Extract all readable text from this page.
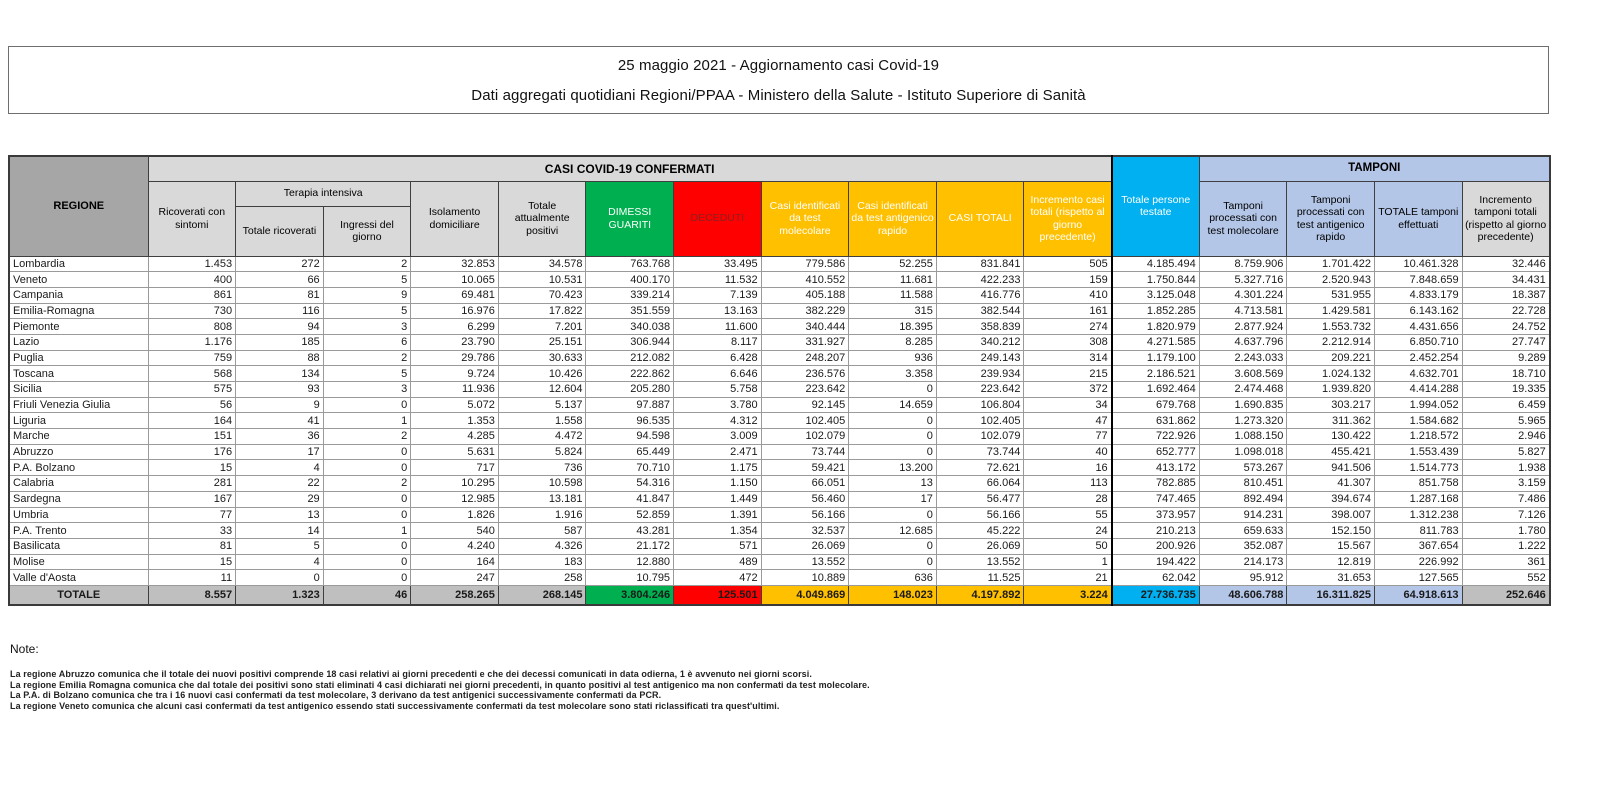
25 maggio 2021 - Aggiornamento casi Covid-19
Dati aggregati quotidiani Regioni/PPAA - Ministero della Salute - Istituto Superiore di Sanità
REGIONE	CASI COVID-19 CONFERMATI											Totale persone testate	TAMPONI			
	Ricoverati con sintomi	Terapia intensiva		Isolamento domiciliare	Totale attualmente positivi	DIMESSI GUARITI	DECEDUTI	Casi identificati da test molecolare	Casi identificati da test antigenico rapido	CASI TOTALI	Incremento casi totali (rispetto al giorno precedente)		Tamponi processati con test molecolare	Tamponi processati con test antigenico rapido	TOTALE tamponi effettuati	Incremento tamponi totali (rispetto al giorno precedente)
		Totale ricoverati	Ingressi del giorno													
Lombardia	1.453	272	2	32.853	34.578	763.768	33.495	779.586	52.255	831.841	505	4.185.494	8.759.906	1.701.422	10.461.328	32.446
Veneto	400	66	5	10.065	10.531	400.170	11.532	410.552	11.681	422.233	159	1.750.844	5.327.716	2.520.943	7.848.659	34.431
Campania	861	81	9	69.481	70.423	339.214	7.139	405.188	11.588	416.776	410	3.125.048	4.301.224	531.955	4.833.179	18.387
Emilia-Romagna	730	116	5	16.976	17.822	351.559	13.163	382.229	315	382.544	161	1.852.285	4.713.581	1.429.581	6.143.162	22.728
Piemonte	808	94	3	6.299	7.201	340.038	11.600	340.444	18.395	358.839	274	1.820.979	2.877.924	1.553.732	4.431.656	24.752
Lazio	1.176	185	6	23.790	25.151	306.944	8.117	331.927	8.285	340.212	308	4.271.585	4.637.796	2.212.914	6.850.710	27.747
Puglia	759	88	2	29.786	30.633	212.082	6.428	248.207	936	249.143	314	1.179.100	2.243.033	209.221	2.452.254	9.289
Toscana	568	134	5	9.724	10.426	222.862	6.646	236.576	3.358	239.934	215	2.186.521	3.608.569	1.024.132	4.632.701	18.710
Sicilia	575	93	3	11.936	12.604	205.280	5.758	223.642	0	223.642	372	1.692.464	2.474.468	1.939.820	4.414.288	19.335
Friuli Venezia Giulia	56	9	0	5.072	5.137	97.887	3.780	92.145	14.659	106.804	34	679.768	1.690.835	303.217	1.994.052	6.459
Liguria	164	41	1	1.353	1.558	96.535	4.312	102.405	0	102.405	47	631.862	1.273.320	311.362	1.584.682	5.965
Marche	151	36	2	4.285	4.472	94.598	3.009	102.079	0	102.079	77	722.926	1.088.150	130.422	1.218.572	2.946
Abruzzo	176	17	0	5.631	5.824	65.449	2.471	73.744	0	73.744	40	652.777	1.098.018	455.421	1.553.439	5.827
P.A. Bolzano	15	4	0	717	736	70.710	1.175	59.421	13.200	72.621	16	413.172	573.267	941.506	1.514.773	1.938
Calabria	281	22	2	10.295	10.598	54.316	1.150	66.051	13	66.064	113	782.885	810.451	41.307	851.758	3.159
Sardegna	167	29	0	12.985	13.181	41.847	1.449	56.460	17	56.477	28	747.465	892.494	394.674	1.287.168	7.486
Umbria	77	13	0	1.826	1.916	52.859	1.391	56.166	0	56.166	55	373.957	914.231	398.007	1.312.238	7.126
P.A. Trento	33	14	1	540	587	43.281	1.354	32.537	12.685	45.222	24	210.213	659.633	152.150	811.783	1.780
Basilicata	81	5	0	4.240	4.326	21.172	571	26.069	0	26.069	50	200.926	352.087	15.567	367.654	1.222
Molise	15	4	0	164	183	12.880	489	13.552	0	13.552	1	194.422	214.173	12.819	226.992	361
Valle d'Aosta	11	0	0	247	258	10.795	472	10.889	636	11.525	21	62.042	95.912	31.653	127.565	552
TOTALE	8.557	1.323	46	258.265	268.145	3.804.246	125.501	4.049.869	148.023	4.197.892	3.224	27.736.735	48.606.788	16.311.825	64.918.613	252.646
Note:
La regione Abruzzo comunica che il totale dei nuovi positivi comprende 18 casi relativi ai giorni precedenti e che dei decessi comunicati in data odierna, 1 è avvenuto nei giorni scorsi.
La regione Emilia Romagna comunica che dal totale dei positivi sono stati eliminati 4 casi dichiarati nei giorni precedenti, in quanto positivi al test antigenico ma non confermati da test molecolare.
La P.A. di Bolzano comunica che tra i 16 nuovi casi confermati da test molecolare, 3 derivano da test antigenici successivamente confermati da PCR.
La regione Veneto comunica che alcuni casi confermati da test antigenico essendo stati successivamente confermati da test molecolare sono stati riclassificati tra quest'ultimi.
